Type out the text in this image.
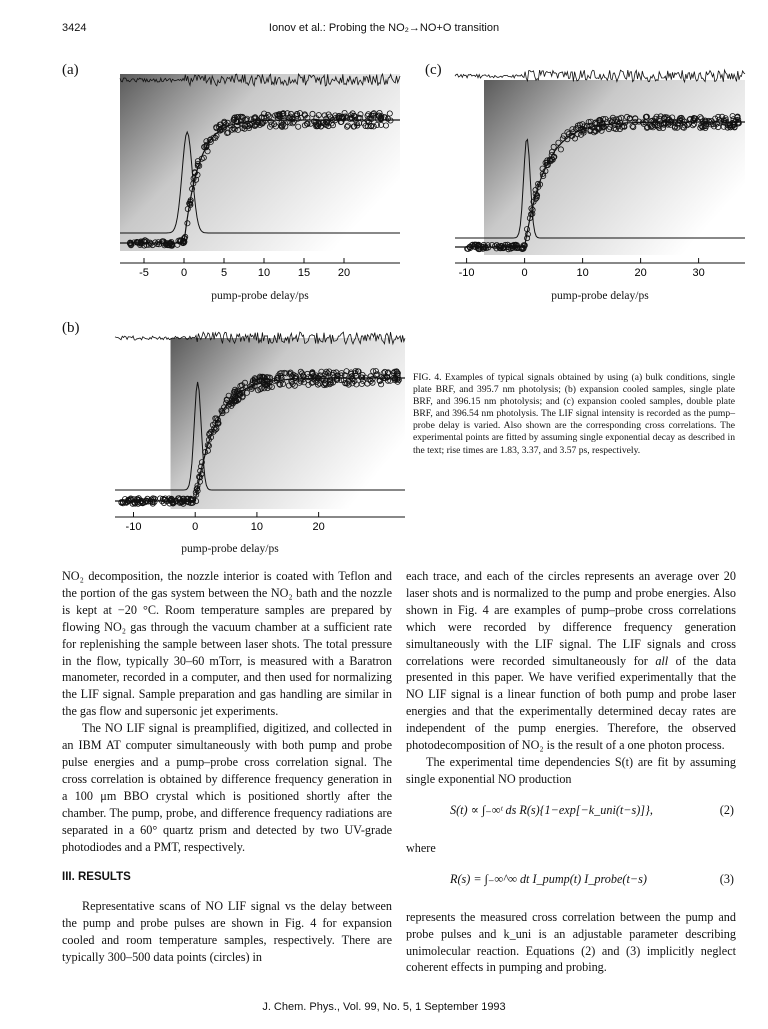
3424	Ionov et al.: Probing the NO₂→NO+O transition
(a)	(c)
(b)
-5	0	5	10	15	20
pump-probe delay/ps
-10	0	10	20	30
pump-probe delay/ps
-10	0	10	20
pump-probe delay/ps
FIG. 4. Examples of typical signals obtained by using (a) bulk conditions, single plate BRF, and 395.7 nm photolysis; (b) expansion cooled samples, single plate BRF, and 396.15 nm photolysis; and (c) expansion cooled samples, double plate BRF, and 396.54 nm photolysis. The LIF signal intensity is recorded as the pump–probe delay is varied. Also shown are the corresponding cross correlations. The experimental points are fitted by assuming single exponential decay as described in the text; rise times are 1.83, 3.37, and 3.57 ps, respectively.

NO₂ decomposition, the nozzle interior is coated with Teflon and the portion of the gas system between the NO₂ bath and the nozzle is kept at −20 °C. Room temperature samples are prepared by flowing NO₂ gas through the vacuum chamber at a sufficient rate for replenishing the sample between laser shots. The total pressure in the flow, typically 30–60 mTorr, is measured with a Baratron manometer, recorded in a computer, and then used for normalizing the LIF signal. Sample preparation and gas handling are similar in the gas flow and supersonic jet experiments.

The NO LIF signal is preamplified, digitized, and collected in an IBM AT computer simultaneously with both pump and probe pulse energies and a pump–probe cross correlation signal. The cross correlation is obtained by difference frequency generation in a 100 μm BBO crystal which is positioned shortly after the chamber. The pump, probe, and difference frequency radiations are separated in a 60° quartz prism and detected by two UV-grade photodiodes and a PMT, respectively.

III. RESULTS

Representative scans of NO LIF signal vs the delay between the pump and probe pulses are shown in Fig. 4 for expansion cooled and room temperature samples, respectively. There are typically 300–500 data points (circles) in

each trace, and each of the circles represents an average over 20 laser shots and is normalized to the pump and probe energies. Also shown in Fig. 4 are examples of pump–probe cross correlations which were recorded by difference frequency generation simultaneously with the LIF signal. The LIF signals and cross correlations were recorded simultaneously for all of the data presented in this paper. We have verified experimentally that the NO LIF signal is a linear function of both pump and probe laser energies and that the experimentally determined decay rates are independent of the pump energies. Therefore, the observed photodecomposition of NO₂ is the result of a one photon process.

The experimental time dependencies S(t) are fit by assuming single exponential NO production

S(t) ∝ ∫₋∞ᵗ ds R(s){1−exp[−k_uni(t−s)]},	(2)

where

R(s) = ∫₋∞^∞ dt I_pump(t) I_probe(t−s)	(3)

represents the measured cross correlation between the pump and probe pulses and k_uni is an adjustable parameter describing unimolecular reaction. Equations (2) and (3) implicitly neglect coherent effects in pumping and probing.

J. Chem. Phys., Vol. 99, No. 5, 1 September 1993
